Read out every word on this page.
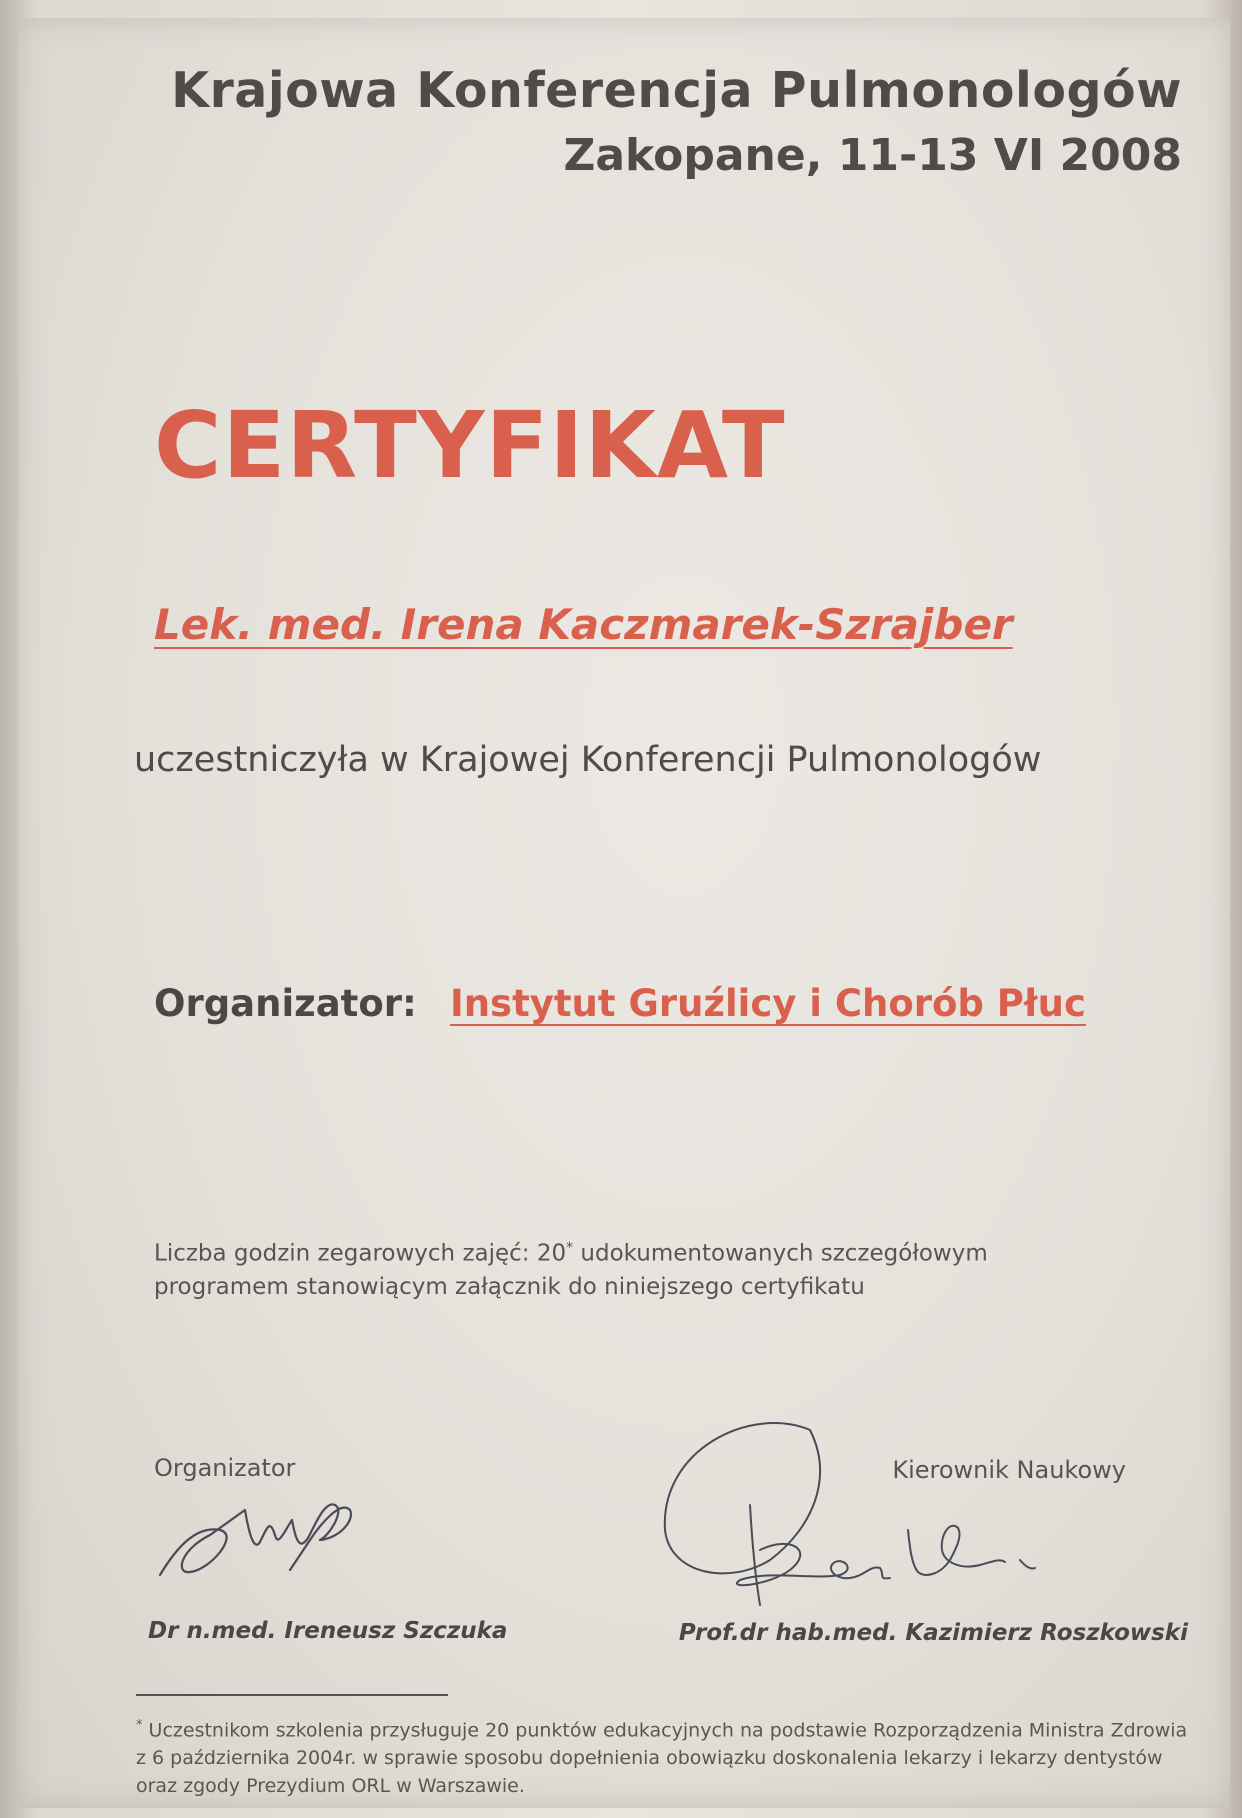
Krajowa Konferencja Pulmonologów
Zakopane, 11-13 VI 2008
CERTYFIKAT
Lek. med. Irena Kaczmarek-Szrajber
uczestniczyła w Krajowej Konferencji Pulmonologów
Organizator: Instytut Gruźlicy i Chorób Płuc
Liczba godzin zegarowych zajęć: 20* udokumentowanych szczegółowym programem stanowiącym załącznik do niniejszego certyfikatu
Organizator	Kierownik Naukowy
Dr n.med. Ireneusz Szczuka	Prof.dr hab.med. Kazimierz Roszkowski
* Uczestnikom szkolenia przysługuje 20 punktów edukacyjnych na podstawie Rozporządzenia Ministra Zdrowia z 6 października 2004r. w sprawie sposobu dopełnienia obowiązku doskonalenia lekarzy i lekarzy dentystów oraz zgody Prezydium ORL w Warszawie.
